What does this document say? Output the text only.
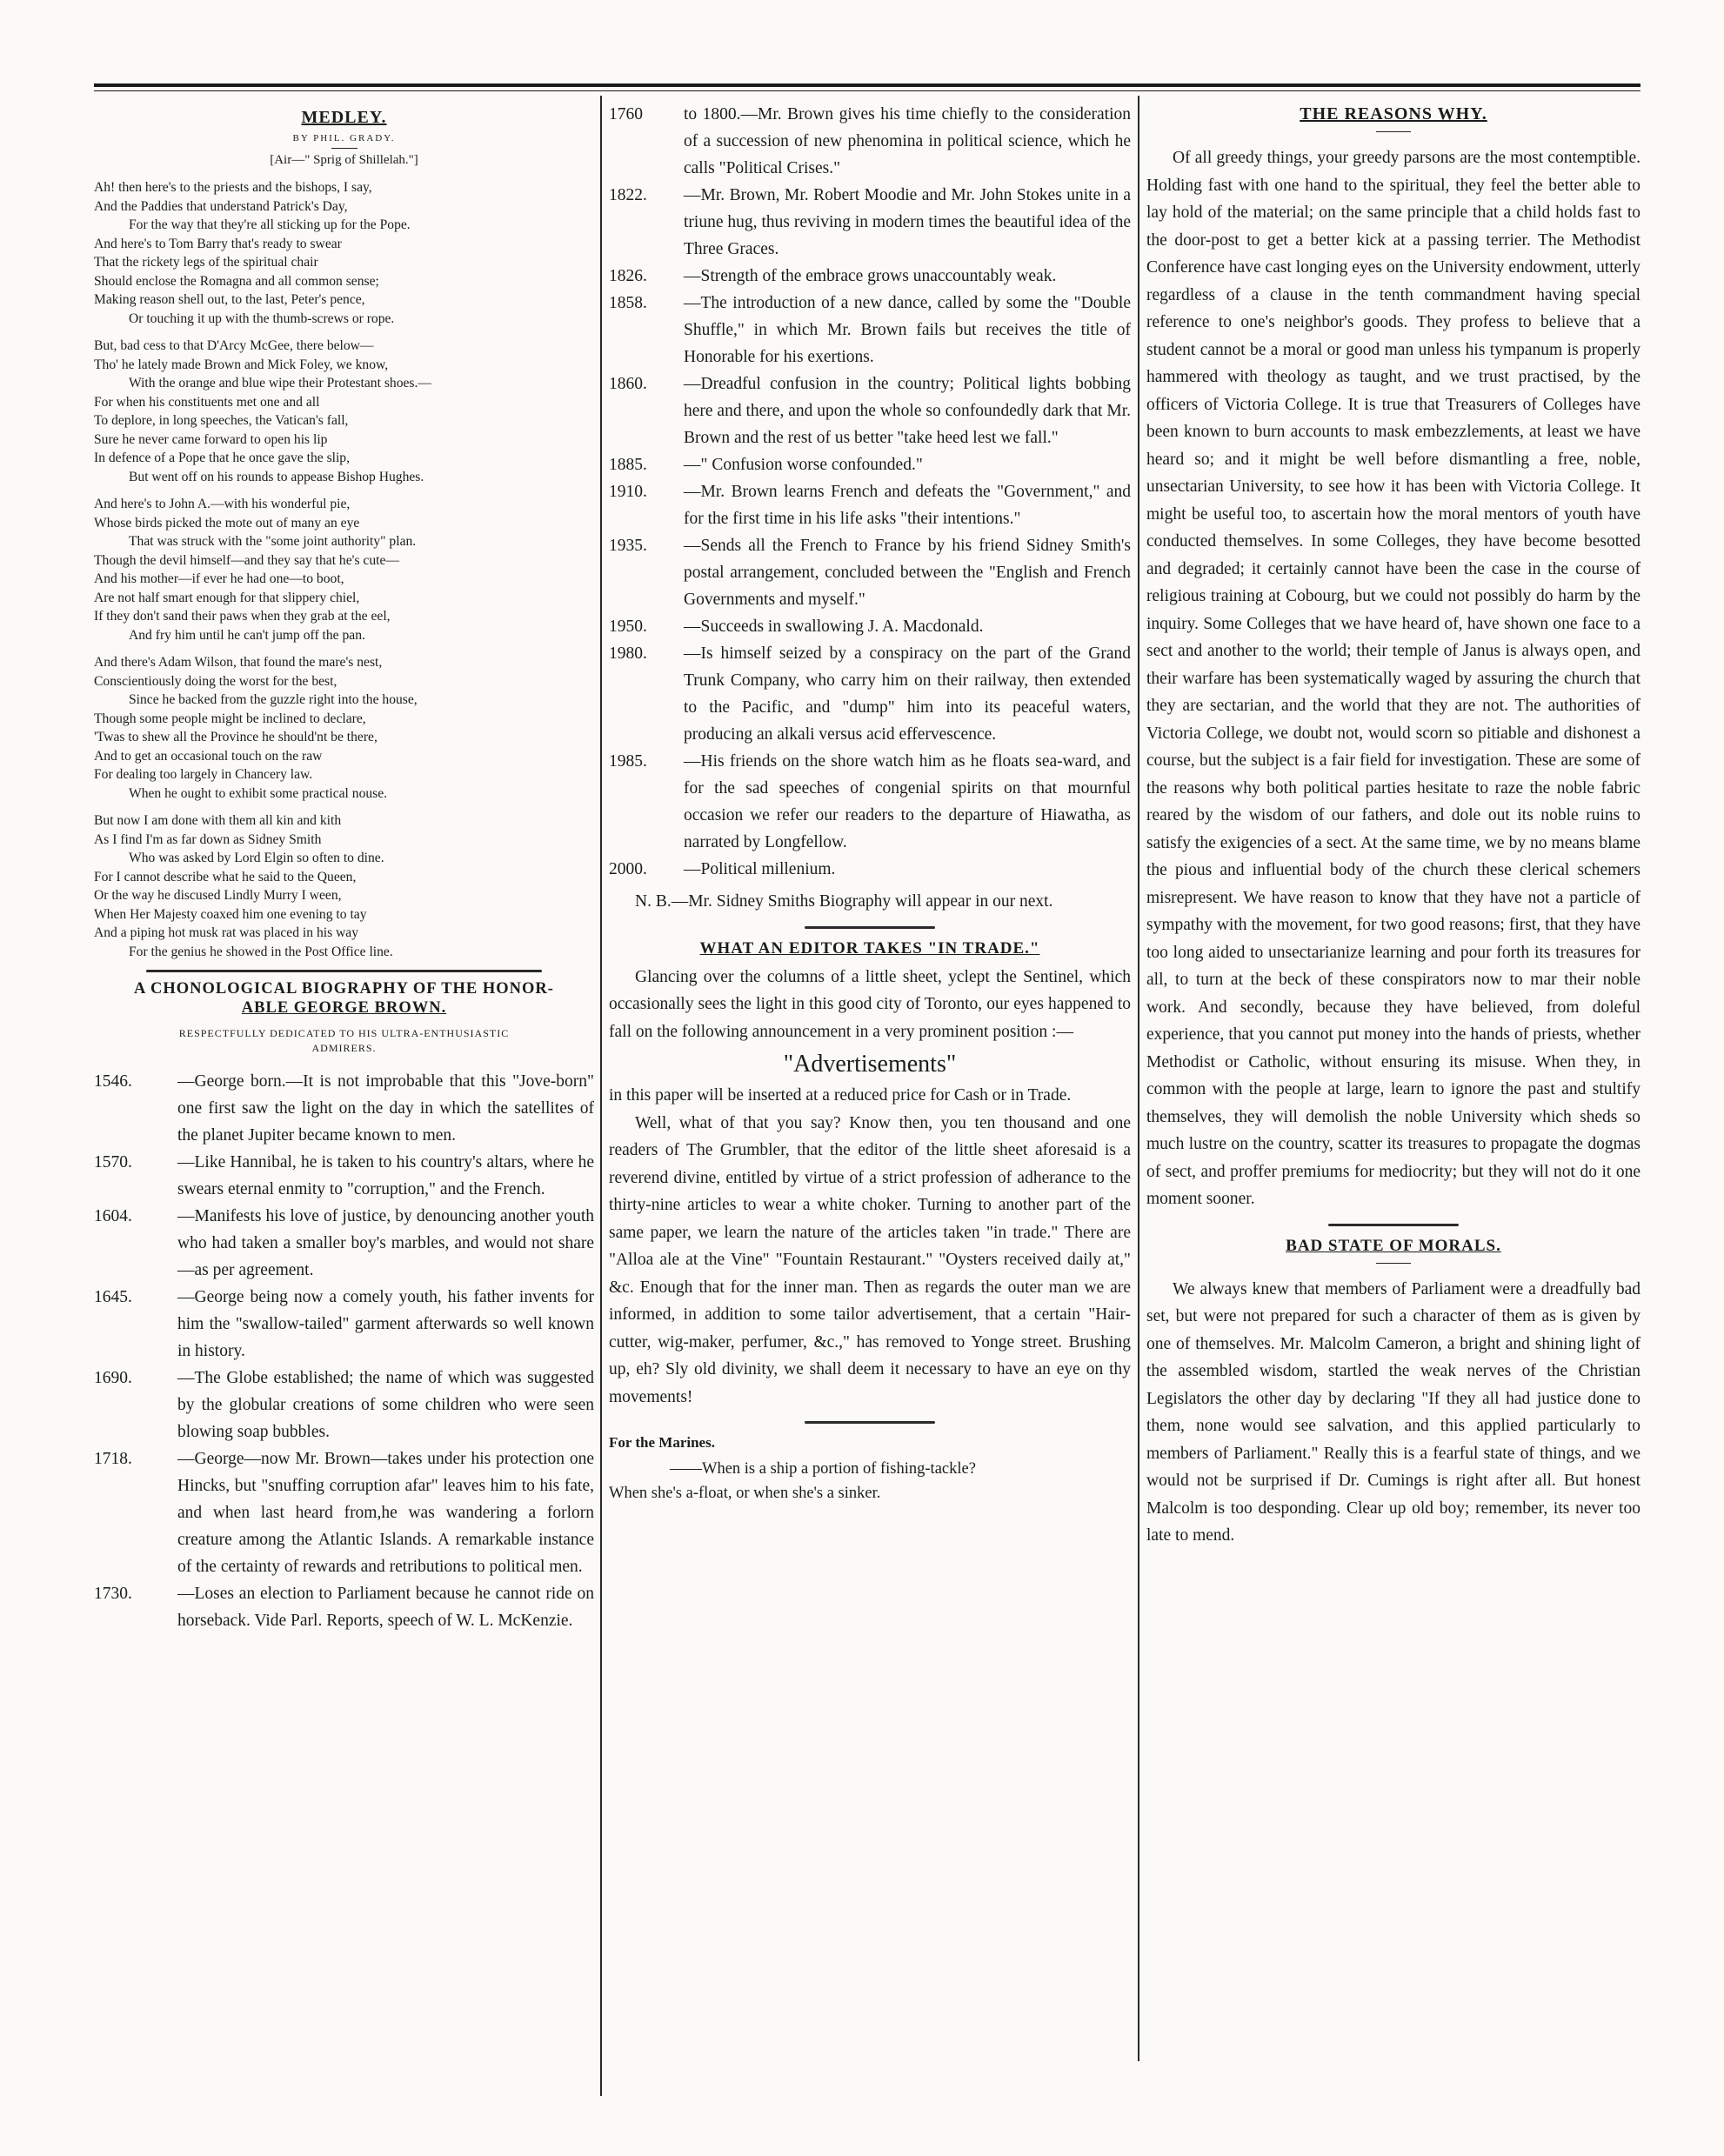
MEDLEY.
BY PHIL. GRADY.
[Air—" Sprig of Shillelah."]

Ah! then here's to the priests and the bishops, I say,

And the Paddies that understand Patrick's Day,

For the way that they're all sticking up for the Pope.

And here's to Tom Barry that's ready to swear

That the rickety legs of the spiritual chair

Should enclose the Romagna and all common sense;

Making reason shell out, to the last, Peter's pence,

Or touching it up with the thumb-screws or rope.

But, bad cess to that D'Arcy McGee, there below—

Tho' he lately made Brown and Mick Foley, we know,

With the orange and blue wipe their Protestant shoes.—

For when his constituents met one and all

To deplore, in long speeches, the Vatican's fall,

Sure he never came forward to open his lip

In defence of a Pope that he once gave the slip,

But went off on his rounds to appease Bishop Hughes.

And here's to John A.—with his wonderful pie,

Whose birds picked the mote out of many an eye

That was struck with the "some joint authority" plan.

Though the devil himself—and they say that he's cute—

And his mother—if ever he had one—to boot,

Are not half smart enough for that slippery chiel,

If they don't sand their paws when they grab at the eel,

And fry him until he can't jump off the pan.

And there's Adam Wilson, that found the mare's nest,

Conscientiously doing the worst for the best,

Since he backed from the guzzle right into the house,

Though some people might be inclined to declare,

'Twas to shew all the Province he should'nt be there,

And to get an occasional touch on the raw

For dealing too largely in Chancery law.

When he ought to exhibit some practical nouse.

But now I am done with them all kin and kith

As I find I'm as far down as Sidney Smith

Who was asked by Lord Elgin so often to dine.

For I cannot describe what he said to the Queen,

Or the way he discused Lindly Murry I ween,

When Her Majesty coaxed him one evening to tay

And a piping hot musk rat was placed in his way

For the genius he showed in the Post Office line.

A CHONOLOGICAL BIOGRAPHY OF THE HONOR-
ABLE GEORGE BROWN.
RESPECTFULLY DEDICATED TO HIS ULTRA-ENTHUSIASTIC
ADMIRERS.
1546.	—George born.—It is not improbable that this "Jove-born" one first saw the light on the day in which the satellites of the planet Jupiter became known to men.
1570.	—Like Hannibal, he is taken to his country's altars, where he swears eternal enmity to "corruption," and the French.
1604.	—Manifests his love of justice, by denouncing another youth who had taken a smaller boy's marbles, and would not share—as per agreement.
1645.	—George being now a comely youth, his father invents for him the "swallow-tailed" garment afterwards so well known in history.
1690.	—The Globe established; the name of which was suggested by the globular creations of some children who were seen blowing soap bubbles.
1718.	—George—now Mr. Brown—takes under his protection one Hincks, but "snuffing corruption afar" leaves him to his fate, and when last heard from,he was wandering a forlorn creature among the Atlantic Islands. A remarkable instance of the certainty of rewards and retributions to political men.
1730.	—Loses an election to Parliament because he cannot ride on horseback. Vide Parl. Reports, speech of W. L. McKenzie.
1760	to 1800.—Mr. Brown gives his time chiefly to the consideration of a succession of new phenomina in political science, which he calls "Political Crises."
1822.	—Mr. Brown, Mr. Robert Moodie and Mr. John Stokes unite in a triune hug, thus reviving in modern times the beautiful idea of the Three Graces.
1826.	—Strength of the embrace grows unaccountably weak.
1858.	—The introduction of a new dance, called by some the "Double Shuffle," in which Mr. Brown fails but receives the title of Honorable for his exertions.
1860.	—Dreadful confusion in the country; Political lights bobbing here and there, and upon the whole so confoundedly dark that Mr. Brown and the rest of us better "take heed lest we fall."
1885.	—" Confusion worse confounded."
1910.	—Mr. Brown learns French and defeats the "Government," and for the first time in his life asks "their intentions."
1935.	—Sends all the French to France by his friend Sidney Smith's postal arrangement, concluded between the "English and French Governments and myself."
1950.	—Succeeds in swallowing J. A. Macdonald.
1980.	—Is himself seized by a conspiracy on the part of the Grand Trunk Company, who carry him on their railway, then extended to the Pacific, and "dump" him into its peaceful waters, producing an alkali versus acid effervescence.
1985.	—His friends on the shore watch him as he floats sea-ward, and for the sad speeches of congenial spirits on that mournful occasion we refer our readers to the departure of Hiawatha, as narrated by Longfellow.
2000.	—Political millenium.

N. B.—Mr. Sidney Smiths Biography will appear in our next.

WHAT AN EDITOR TAKES "IN TRADE."

Glancing over the columns of a little sheet, yclept the Sentinel, which occasionally sees the light in this good city of Toronto, our eyes happened to fall on the following announcement in a very prominent position :—

"Advertisements"

in this paper will be inserted at a reduced price for Cash or in Trade.

Well, what of that you say? Know then, you ten thousand and one readers of The Grumbler, that the editor of the little sheet aforesaid is a reverend divine, entitled by virtue of a strict profession of adherance to the thirty-nine articles to wear a white choker. Turning to another part of the same paper, we learn the nature of the articles taken "in trade." There are "Alloa ale at the Vine" "Fountain Restaurant." "Oysters received daily at," &c. Enough that for the inner man. Then as regards the outer man we are informed, in addition to some tailor advertisement, that a certain "Hair-cutter, wig-maker, perfumer, &c.," has removed to Yonge street. Brushing up, eh? Sly old divinity, we shall deem it necessary to have an eye on thy movements!

For the Marines.
——When is a ship a portion of fishing-tackle?
When she's a-float, or when she's a sinker.
THE REASONS WHY.

Of all greedy things, your greedy parsons are the most contemptible. Holding fast with one hand to the spiritual, they feel the better able to lay hold of the material; on the same principle that a child holds fast to the door-post to get a better kick at a passing terrier. The Methodist Conference have cast longing eyes on the University endowment, utterly regardless of a clause in the tenth commandment having special reference to one's neighbor's goods. They profess to believe that a student cannot be a moral or good man unless his tympanum is properly hammered with theology as taught, and we trust practised, by the officers of Victoria College. It is true that Treasurers of Colleges have been known to burn accounts to mask embezzlements, at least we have heard so; and it might be well before dismantling a free, noble, unsectarian University, to see how it has been with Victoria College. It might be useful too, to ascertain how the moral mentors of youth have conducted themselves. In some Colleges, they have become besotted and degraded; it certainly cannot have been the case in the course of religious training at Cobourg, but we could not possibly do harm by the inquiry. Some Colleges that we have heard of, have shown one face to a sect and another to the world; their temple of Janus is always open, and their warfare has been systematically waged by assuring the church that they are sectarian, and the world that they are not. The authorities of Victoria College, we doubt not, would scorn so pitiable and dishonest a course, but the subject is a fair field for investigation. These are some of the reasons why both political parties hesitate to raze the noble fabric reared by the wisdom of our fathers, and dole out its noble ruins to satisfy the exigencies of a sect. At the same time, we by no means blame the pious and influential body of the church these clerical schemers misrepresent. We have reason to know that they have not a particle of sympathy with the movement, for two good reasons; first, that they have too long aided to unsectarianize learning and pour forth its treasures for all, to turn at the beck of these conspirators now to mar their noble work. And secondly, because they have believed, from doleful experience, that you cannot put money into the hands of priests, whether Methodist or Catholic, without ensuring its misuse. When they, in common with the people at large, learn to ignore the past and stultify themselves, they will demolish the noble University which sheds so much lustre on the country, scatter its treasures to propagate the dogmas of sect, and proffer premiums for mediocrity; but they will not do it one moment sooner.

BAD STATE OF MORALS.

We always knew that members of Parliament were a dreadfully bad set, but were not prepared for such a character of them as is given by one of themselves. Mr. Malcolm Cameron, a bright and shining light of the assembled wisdom, startled the weak nerves of the Christian Legislators the other day by declaring "If they all had justice done to them, none would see salvation, and this applied particularly to members of Parliament." Really this is a fearful state of things, and we would not be surprised if Dr. Cumings is right after all. But honest Malcolm is too desponding. Clear up old boy; remember, its never too late to mend.
